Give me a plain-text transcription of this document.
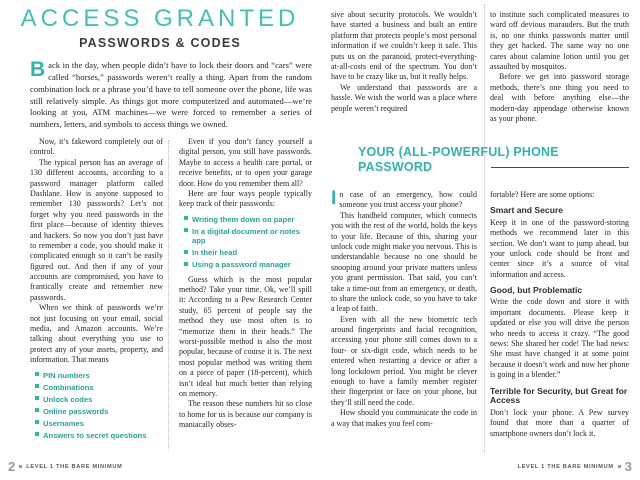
ACCESS GRANTED
PASSWORDS & CODES
Back in the day, when people didn’t have to lock their doors and “cars” were called “horses,” passwords weren’t really a thing. Apart from the random combination lock or a phrase you’d have to tell someone over the phone, life was still relatively simple. As things got more computerized and automated—we’re looking at you, ATM machines—we were forced to remember a series of numbers, letters, and symbols to access things we owned.

Now, it’s fakeword completely out of control.

The typical person has an average of 130 different accounts, according to a password manager platform called Dashlane. How is anyone supposed to remember 130 passwords? Let’s not forget why you need passwords in the first place—because of identity thieves and hackers. So now you don’t just have to remember a code, you should make it complicated enough so it can’t be easily figured out. And then if any of your accounts are compromised, you have to frantically create and remember new passwords.

When we think of passwords we’re not just focusing on your email, social media, and Amazon accounts. We’re talking about everything you use to protect any of your assets, property, and information. That means

PIN numbers
Combinations
Unlock codes
Online passwords
Usernames
Answers to secret questions

Even if you don’t fancy yourself a digital person, you still have passwords. Maybe to access a health care portal, or receive benefits, or to open your garage door. How do you remember them all?

Here are four ways people typically keep track of their passwords:

Writing them down on paper
In a digital document or notes app
In their head
Using a password manager

Guess which is the most popular method? Take your time. Ok, we’ll spill it: According to a Pew Research Center study, 65 percent of people say the method they use most often is to “memorize them in their heads.” The worst-possible method is also the most popular, because of course it is. The next most popular method was writing them on a piece of paper (18-percent), which isn’t ideal but much better than relying on memory.

The reason these numbers hit so close to home for us is because our company is maniacally obses-

2 LEVEL 1 THE BARE MINIMUM

sive about security protocols. We wouldn’t have started a business and built an entire platform that protects people’s most personal information if we couldn’t keep it safe. This puts us on the paranoid, protect-everything-at-all-costs end of the spectrum. You don’t have to be crazy like us, but it really helps.

We understand that passwords are a hassle. We wish the world was a place where people weren’t required

to institute such complicated measures to ward off devious marauders. But the truth is, no one thinks passwords matter until they get hacked. The same way no one cares about calamine lotion until you get assaulted by mosquitos.

Before we get into password storage methods, there’s one thing you need to deal with before anything else—the modern-day appendage otherwise known as your phone.

YOUR (ALL-POWERFUL) PHONE
PASSWORD

In case of an emergency, how could someone you trust access your phone?

This handheld computer, which connects you with the rest of the world, holds the keys to your life. Because of this, sharing your unlock code might make you nervous. This is understandable because no one should be snooping around your private matters unless you grant permission. That said, you can’t take a time-out from an emergency, or death, to share the unlock code, so you have to take a leap of faith.

Even with all the new biometric tech around fingerprints and facial recognition, accessing your phone still comes down to a four- or six-digit code, which needs to be entered when restarting a device or after a long lockdown period. You might be clever enough to have a family member register their fingerprint or face on your phone, but they’ll still need the code.

How should you communicate the code in a way that makes you feel com-

fortable? Here are some options:

Smart and Secure

Keep it in one of the password-storing methods we recommend later in this section. We don’t want to jump ahead, but your unlock code should be front and center since it’s a source of vital information and access.

Good, but Problematic

Write the code down and store it with important documents. Please keep it updated or else you will drive the person who needs to access it crazy. “The good news: She shared her code! The bad news: She must have changed it at some point because it doesn’t work and now her phone is going in a blender.”

Terrible for Security, but Great for Access

Don’t lock your phone. A Pew survey found that more than a quarter of smartphone owners don’t lock it.

LEVEL 1 THE BARE MINIMUM 3
